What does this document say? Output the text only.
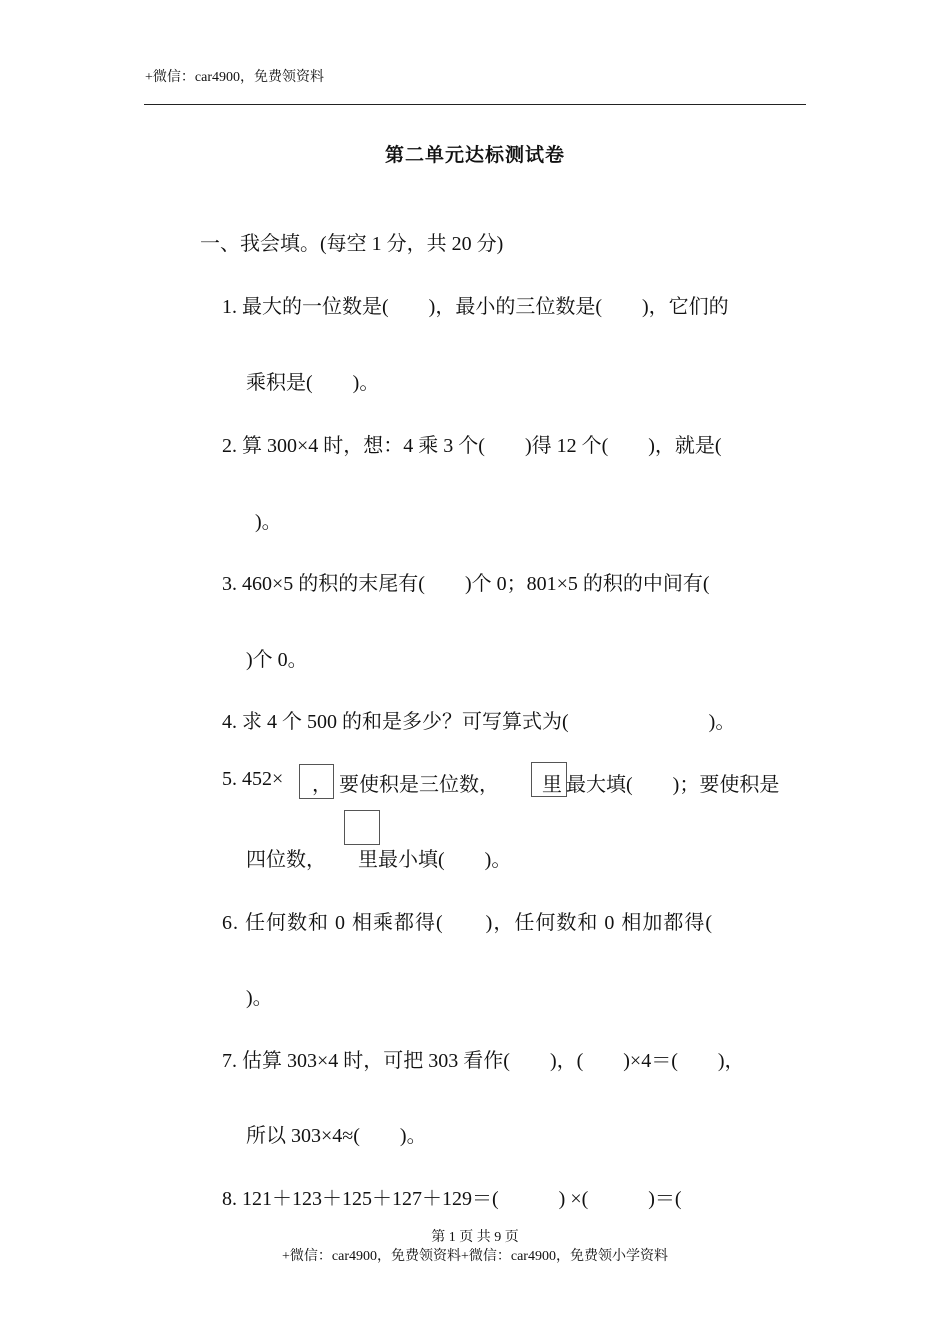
+微信：car4900，免费领资料
第二单元达标测试卷
一、我会填。(每空 1 分，共 20 分)
1. 最大的一位数是(　　)，最小的三位数是(　　)，它们的
乘积是(　　)。
2. 算 300×4 时，想：4 乘 3 个(　　)得 12 个(　　)，就是(
)。
3. 460×5 的积的末尾有(　　)个 0；801×5 的积的中间有(
)个 0。
4. 求 4 个 500 的和是多少？可写算式为(　　　　　　　)。
5. 452× ， 要使积是三位数， 里 最大填(　　)；要使积是
四位数， 里最小填(　　)。
6. 任何数和 0 相乘都得(　　)，任何数和 0 相加都得(
)。
7. 估算 303×4 时，可把 303 看作(　　)，(　　)×4＝(　　)，
所以 303×4≈(　　)。
8. 121＋123＋125＋127＋129＝(　　　) ×(　　　)＝(
第 1 页 共 9 页
+微信：car4900，免费领资料+微信：car4900，免费领小学资料
